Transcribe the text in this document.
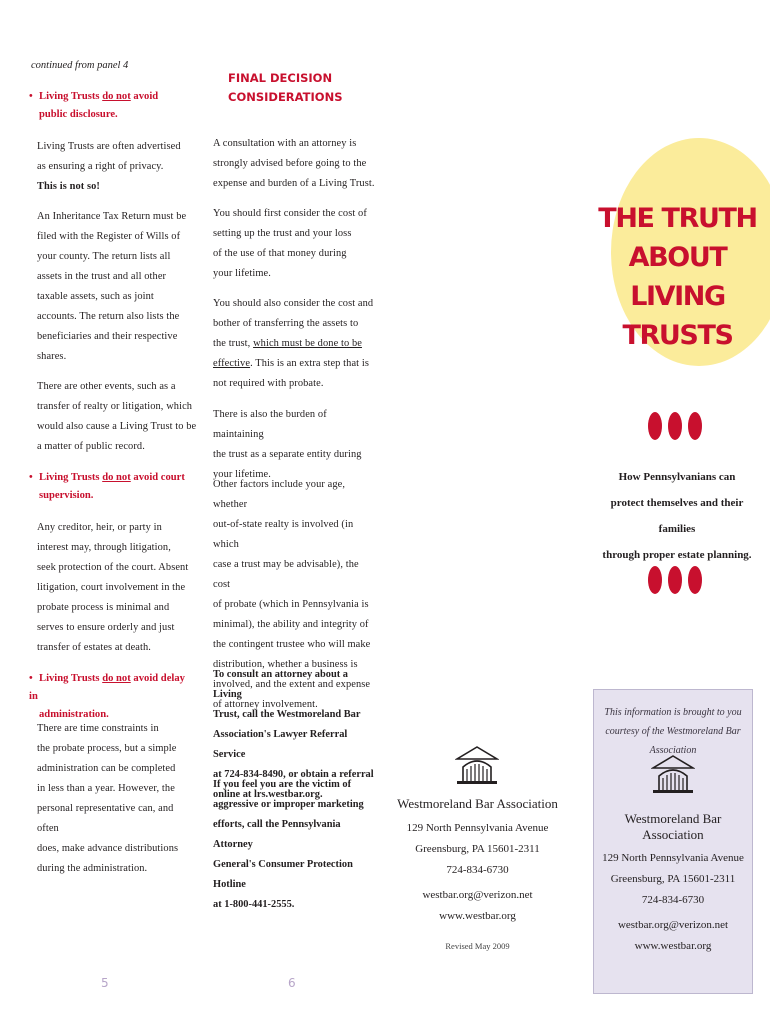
continued from panel 4
• Living Trusts do not avoid
public disclosure.
Living Trusts are often advertised
as ensuring a right of privacy.
This is not so!
An Inheritance Tax Return must be
filed with the Register of Wills of
your county. The return lists all
assets in the trust and all other
taxable assets, such as joint
accounts. The return also lists the
beneficiaries and their respective
shares.
There are other events, such as a
transfer of realty or litigation, which
would also cause a Living Trust to be
a matter of public record.
• Living Trusts do not avoid court
supervision.
Any creditor, heir, or party in
interest may, through litigation,
seek protection of the court. Absent
litigation, court involvement in the
probate process is minimal and
serves to ensure orderly and just
transfer of estates at death.
• Living Trusts do not avoid delay in
administration.
There are time constraints in
the probate process, but a simple
administration can be completed
in less than a year. However, the
personal representative can, and often
does, make advance distributions
during the administration.
5
FINAL DECISION
CONSIDERATIONS
A consultation with an attorney is
strongly advised before going to the
expense and burden of a Living Trust.
You should first consider the cost of
setting up the trust and your loss
of the use of that money during
your lifetime.
You should also consider the cost and
bother of transferring the assets to
the trust, which must be done to be
effective. This is an extra step that is
not required with probate.
There is also the burden of maintaining
the trust as a separate entity during
your lifetime.
Other factors include your age, whether
out-of-state realty is involved (in which
case a trust may be advisable), the cost
of probate (which in Pennsylvania is
minimal), the ability and integrity of
the contingent trustee who will make
distribution, whether a business is
involved, and the extent and expense
of attorney involvement.
To consult an attorney about a Living
Trust, call the Westmoreland Bar
Association's Lawyer Referral Service
at 724-834-8490, or obtain a referral
online at lrs.westbar.org.
If you feel you are the victim of
aggressive or improper marketing
efforts, call the Pennsylvania Attorney
General's Consumer Protection Hotline
at 1-800-441-2555.
6
Westmoreland Bar Association
129 North Pennsylvania Avenue
Greensburg, PA 15601-2311
724-834-6730
westbar.org@verizon.net
www.westbar.org
Revised May 2009
THE TRUTH
ABOUT
LIVING TRUSTS
How Pennsylvanians can
protect themselves and their families
through proper estate planning.
This information is brought to you
courtesy of the Westmoreland Bar Association
Westmoreland Bar Association
129 North Pennsylvania Avenue
Greensburg, PA 15601-2311
724-834-6730
westbar.org@verizon.net
www.westbar.org
